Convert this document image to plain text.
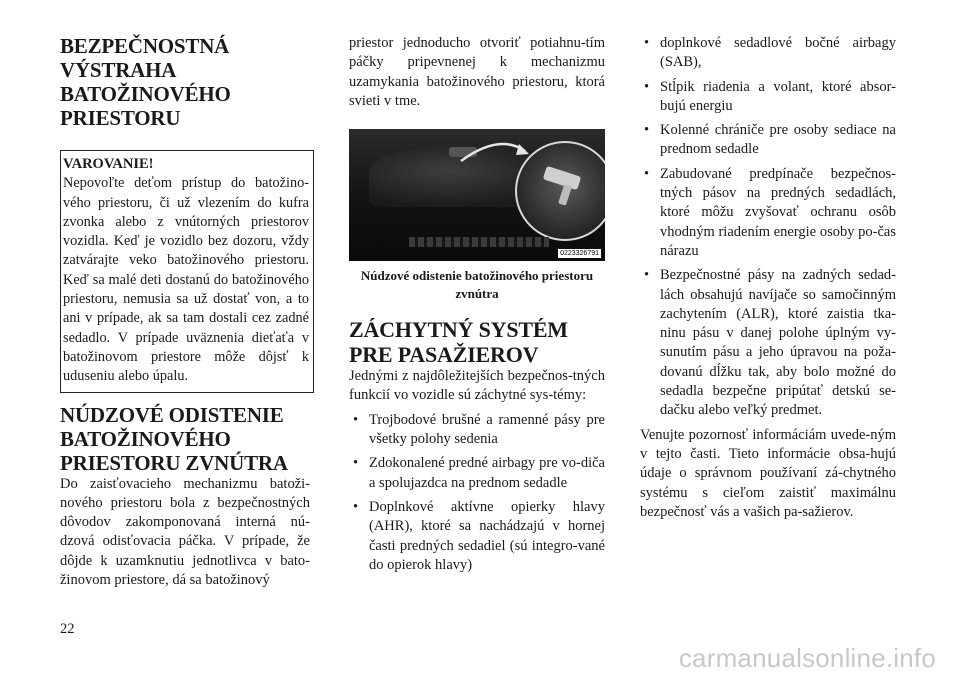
BEZPEČNOSTNÁ VÝSTRAHA BATOŽINOVÉHO PRIESTORU
VAROVANIE!
Nepovoľte deťom prístup do batožino-vého priestoru, či už vlezením do kufra zvonka alebo z vnútorných priestorov vozidla. Keď je vozidlo bez dozoru, vždy zatvárajte veko batožinového priestoru. Keď sa malé deti dostanú do batožinového priestoru, nemusia sa už dostať von, a to ani v prípade, ak sa tam dostali cez zadné sedadlo. V prípade uväznenia dieťaťa v batožinovom priestore môže dôjsť k uduseniu alebo úpalu.
NÚDZOVÉ ODISTENIE BATOŽINOVÉHO PRIESTORU ZVNÚTRA

Do zaisťovacieho mechanizmu batoži-nového priestoru bola z bezpečnostných dôvodov zakomponovaná interná nú-dzová odisťovacia páčka. V prípade, že dôjde k uzamknutiu jednotlivca v bato-žinovom priestore, dá sa batožinový

priestor jednoducho otvoriť potiahnu-tím páčky pripevnenej k mechanizmu uzamykania batožinového priestoru, ktorá svieti v tme.

0223326791
Núdzové odistenie batožinového priestoru zvnútra
ZÁCHYTNÝ SYSTÉM PRE PASAŽIEROV

Jednými z najdôležitejších bezpečnos-tných funkcií vo vozidle sú záchytné sys-témy:

• Trojbodové brušné a ramenné pásy pre všetky polohy sedenia
• Zdokonalené predné airbagy pre vo-diča a spolujazdca na prednom sedadle
• Doplnkové aktívne opierky hlavy (AHR), ktoré sa nachádzajú v hornej časti predných sedadiel (sú integro-vané do opierok hlavy)
• doplnkové sedadlové bočné airbagy (SAB),
• Stĺpik riadenia a volant, ktoré absor-bujú energiu
• Kolenné chrániče pre osoby sediace na prednom sedadle
• Zabudované predpínače bezpečnos-tných pásov na predných sedadlách, ktoré môžu zvyšovať ochranu osôb vhodným riadením energie osoby po-čas nárazu
• Bezpečnostné pásy na zadných sedad-lách obsahujú navíjače so samočinným zachytením (ALR), ktoré zaistia tka-ninu pásu v danej polohe úplným vy-sunutím pásu a jeho úpravou na poža-dovanú dĺžku tak, aby bolo možné do sedadla bezpečne pripútať detskú se-dačku alebo veľký predmet.

Venujte pozornosť informáciám uvede-ným v tejto časti. Tieto informácie obsa-hujú údaje o správnom používaní zá-chytného systému s cieľom zaistiť maximálnu bezpečnosť vás a vašich pa-sažierov.

22
carmanualsonline.info
